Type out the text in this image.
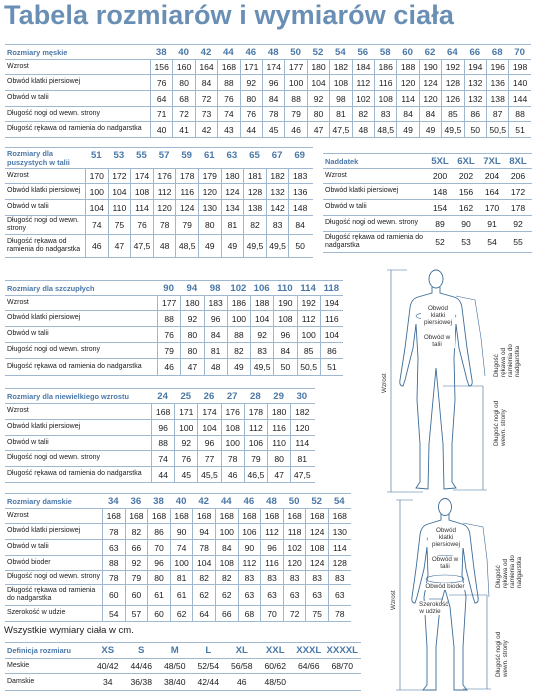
Tabela rozmiarów i wymiarów ciała
Rozmiary męskie	38	40	42	44	46	48	50	52	54	56	58	60	62	64	66	68	70
Wzrost	156 160 164 168 171 174 177 180 182 184 186 188 190 192 194 196 198
Obwód klatki piersiowej	76	80	84	88	92	96	100 104 108 112	116 120 124 128 132 136 140
Obwód w talii	64	68	72	76	80	84	88	92	98	102 108 114 120 126 132 138 144
Długość nogi od wewn. strony	71	72	73	74	76	78	79	80	81	82	83	84	84	85	86	87	88
Długość rękawa od ramienia do nadgarstka	40	41	42	43	44	45	46	47	47,5	48	48,5	49	49	49,5	50	50,5	51
Rozmiary dla puszystych w talii
51	53	55	57	59	61	63	65	67	69
Wzrost	170 172 174 176 178 179 180 181 182 183
Obwód klatki piersiowej	100 104 108 112	116 120 124 128 132 136
Obwód w talii	104 110	114 120 124 130 134 138 142 148
Długość nogi od wewn. strony	74	75	76	78	79	80	81	82	83	84
Długość rękawa od ramienia do nadgarstka	46	47	47,5	48	48,5	49	49	49,5 49,5	50
Naddatek	5XL 6XL 7XL 8XL
Wzrost	200	202	204	206
Obwód klatki piersiowej	148	156	164	172
Obwód w talii	154	162	170	178
Długość nogi od wewn. strony	89	90	91	92
Długość rękawa od ramienia do nadgarstka	52	53	54	55
Rozmiary dla szczupłych	90	94	98	102 106 110 114 118
Wzrost	177	180	183	186	188	190	192	194
Obwód klatki piersiowej	88	92	96	100	104	108	112	116
Obwód w talii	76	80	84	88	92	96	100	104
Długość nogi od wewn. strony	79	80	81	82	83	84	85	86
Długość rękawa od ramienia do nadgarstka	46	47	48	49	49,5	50	50,5	51
Rozmiary dla niewielkiego wzrostu	24	25	26	27	28	29	30
Wzrost	168	171	174	176	178	180	182
Obwód klatki piersiowej	96	100	104	108	112	116	120
Obwód w talii	88	92	96	100	106	110	114
Długość nogi od wewn. strony	74	76	77	78	79	80	81
Długość rękawa od ramienia do nadgarstka	44	45	45,5	46	46,5	47	47,5
Rozmiary damskie	34	36	38	40	42	44	46	48	50	52	54
Wzrost	168 168 168 168 168 168 168 168 168 168 168
Obwód klatki piersiowej	78	82	86	90	94	100 106 112	118 124 130
Obwód w talii	63	66	70	74	78	84	90	96	102 108 114
Obwód bioder	88	92	96	100 104 108 112	116 120 124 128
Długość nogi od wewn. strony	78	79	80	81	82	82	83	83	83	83	83
Długość rękawa od ramienia do nadgarstka	60	60	61	61	62	62	63	63	63	63	63
Szerokość w udzie	54	57	60	62	64	66	68	70	72	75	78
Definicja rozmiaru	XS	S	M	L	XL	XXL	XXXL XXXXL
Meskie	40/42	44/46	48/50	52/54	56/58	60/62	64/66	68/70
Damskie	34	36/38	38/40	42/44	46	48/50
Wszystkie wymiary ciała w cm.
Wzrost
Obwód klatki piersiowej
Obwód w talii
Długość rękawa od ramienia do nadgarstka
Długość nogi od wewn. strony
Wzrost
Obwód klatki piersiowej
Obwód w talii
Obwód bioder
Szerokość w udzie
Długość rękawa od ramienia do nadgarstka
Długość nogi od wewn. strony
